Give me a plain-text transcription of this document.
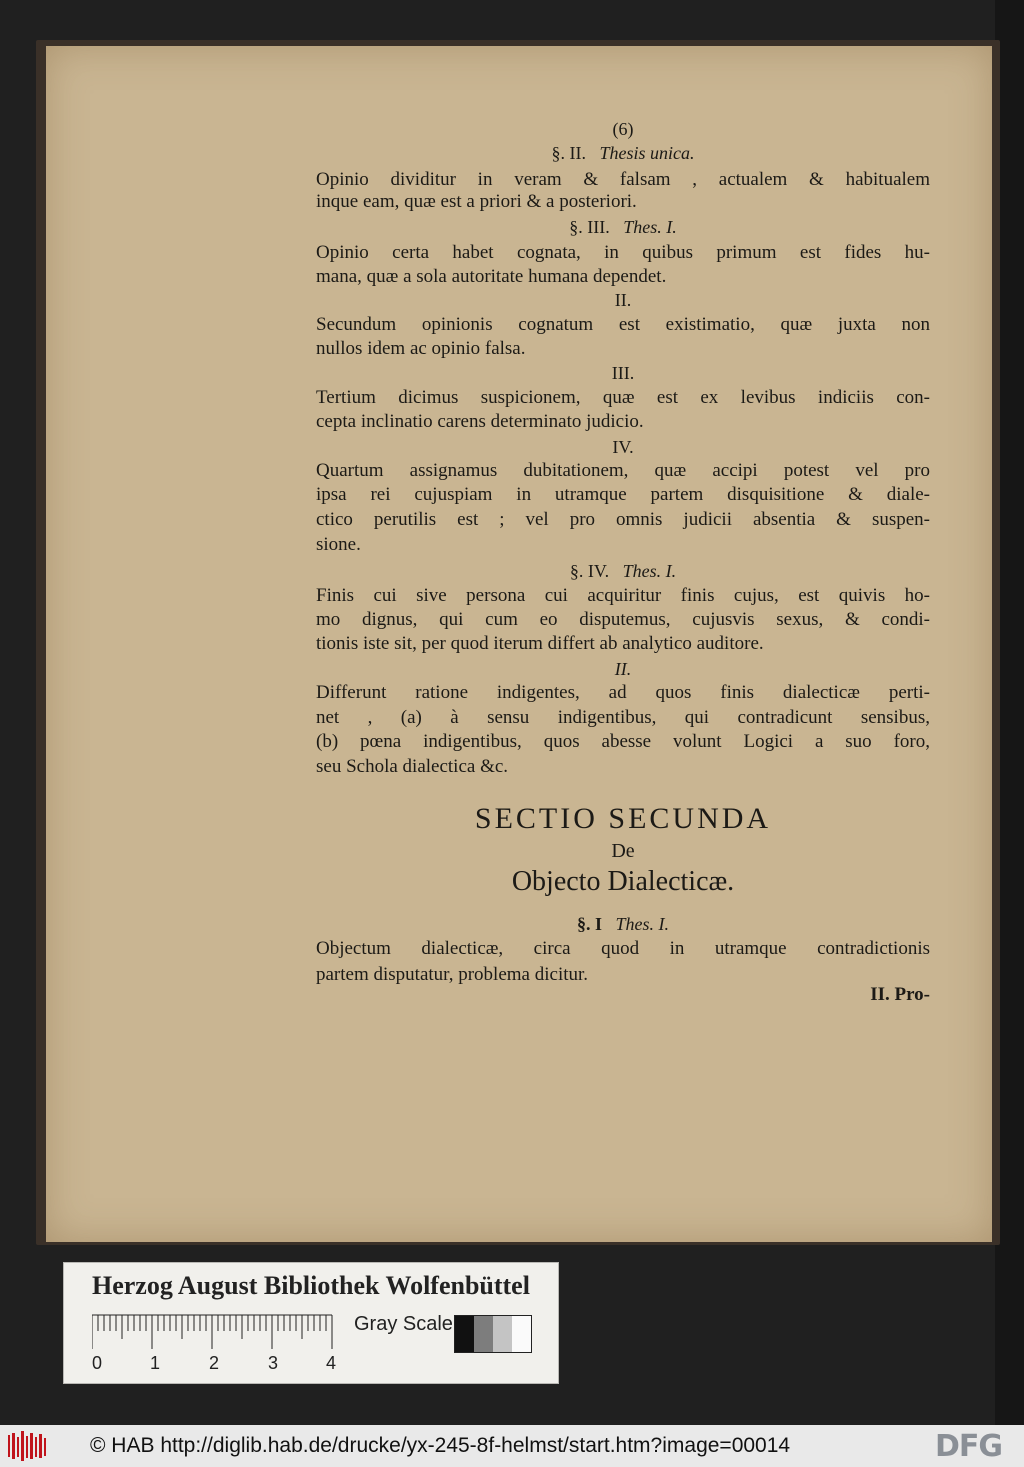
(6)
§. II. Thesis unica.
Opinio dividitur in veram & falsam , actualem & habitualem
inque eam, quæ est a priori & a posteriori.
§. III. Thes. I.
Opinio certa habet cognata, in quibus primum est fides hu-
mana, quæ a sola autoritate humana dependet.
II.
Secundum opinionis cognatum est existimatio, quæ juxta non
nullos idem ac opinio falsa.
III.
Tertium dicimus suspicionem, quæ est ex levibus indiciis con-
cepta inclinatio carens determinato judicio.
IV.
Quartum assignamus dubitationem, quæ accipi potest vel pro
ipsa rei cujuspiam in utramque partem disquisitione & diale-
ctico perutilis est ; vel pro omnis judicii absentia & suspen-
sione.
§. IV. Thes. I.
Finis cui sive persona cui acquiritur finis cujus, est quivis ho-
mo dignus, qui cum eo disputemus, cujusvis sexus, & condi-
tionis iste sit, per quod iterum differt ab analytico auditore.
II.
Differunt ratione indigentes, ad quos finis dialecticæ perti-
net , (a) à sensu indigentibus, qui contradicunt sensibus,
(b) pœna indigentibus, quos abesse volunt Logici a suo foro,
seu Schola dialectica &c.
SECTIO SECUNDA
De
Objecto Dialecticæ.
§. I Thes. I.
Objectum dialecticæ, circa quod in utramque contradictionis
partem disputatur, problema dicitur.
II. Pro-
Herzog August Bibliothek Wolfenbüttel
0	1	2	3	4
Gray Scale
© HAB http://diglib.hab.de/drucke/yx-245-8f-helmst/start.htm?image=00014	DFG
